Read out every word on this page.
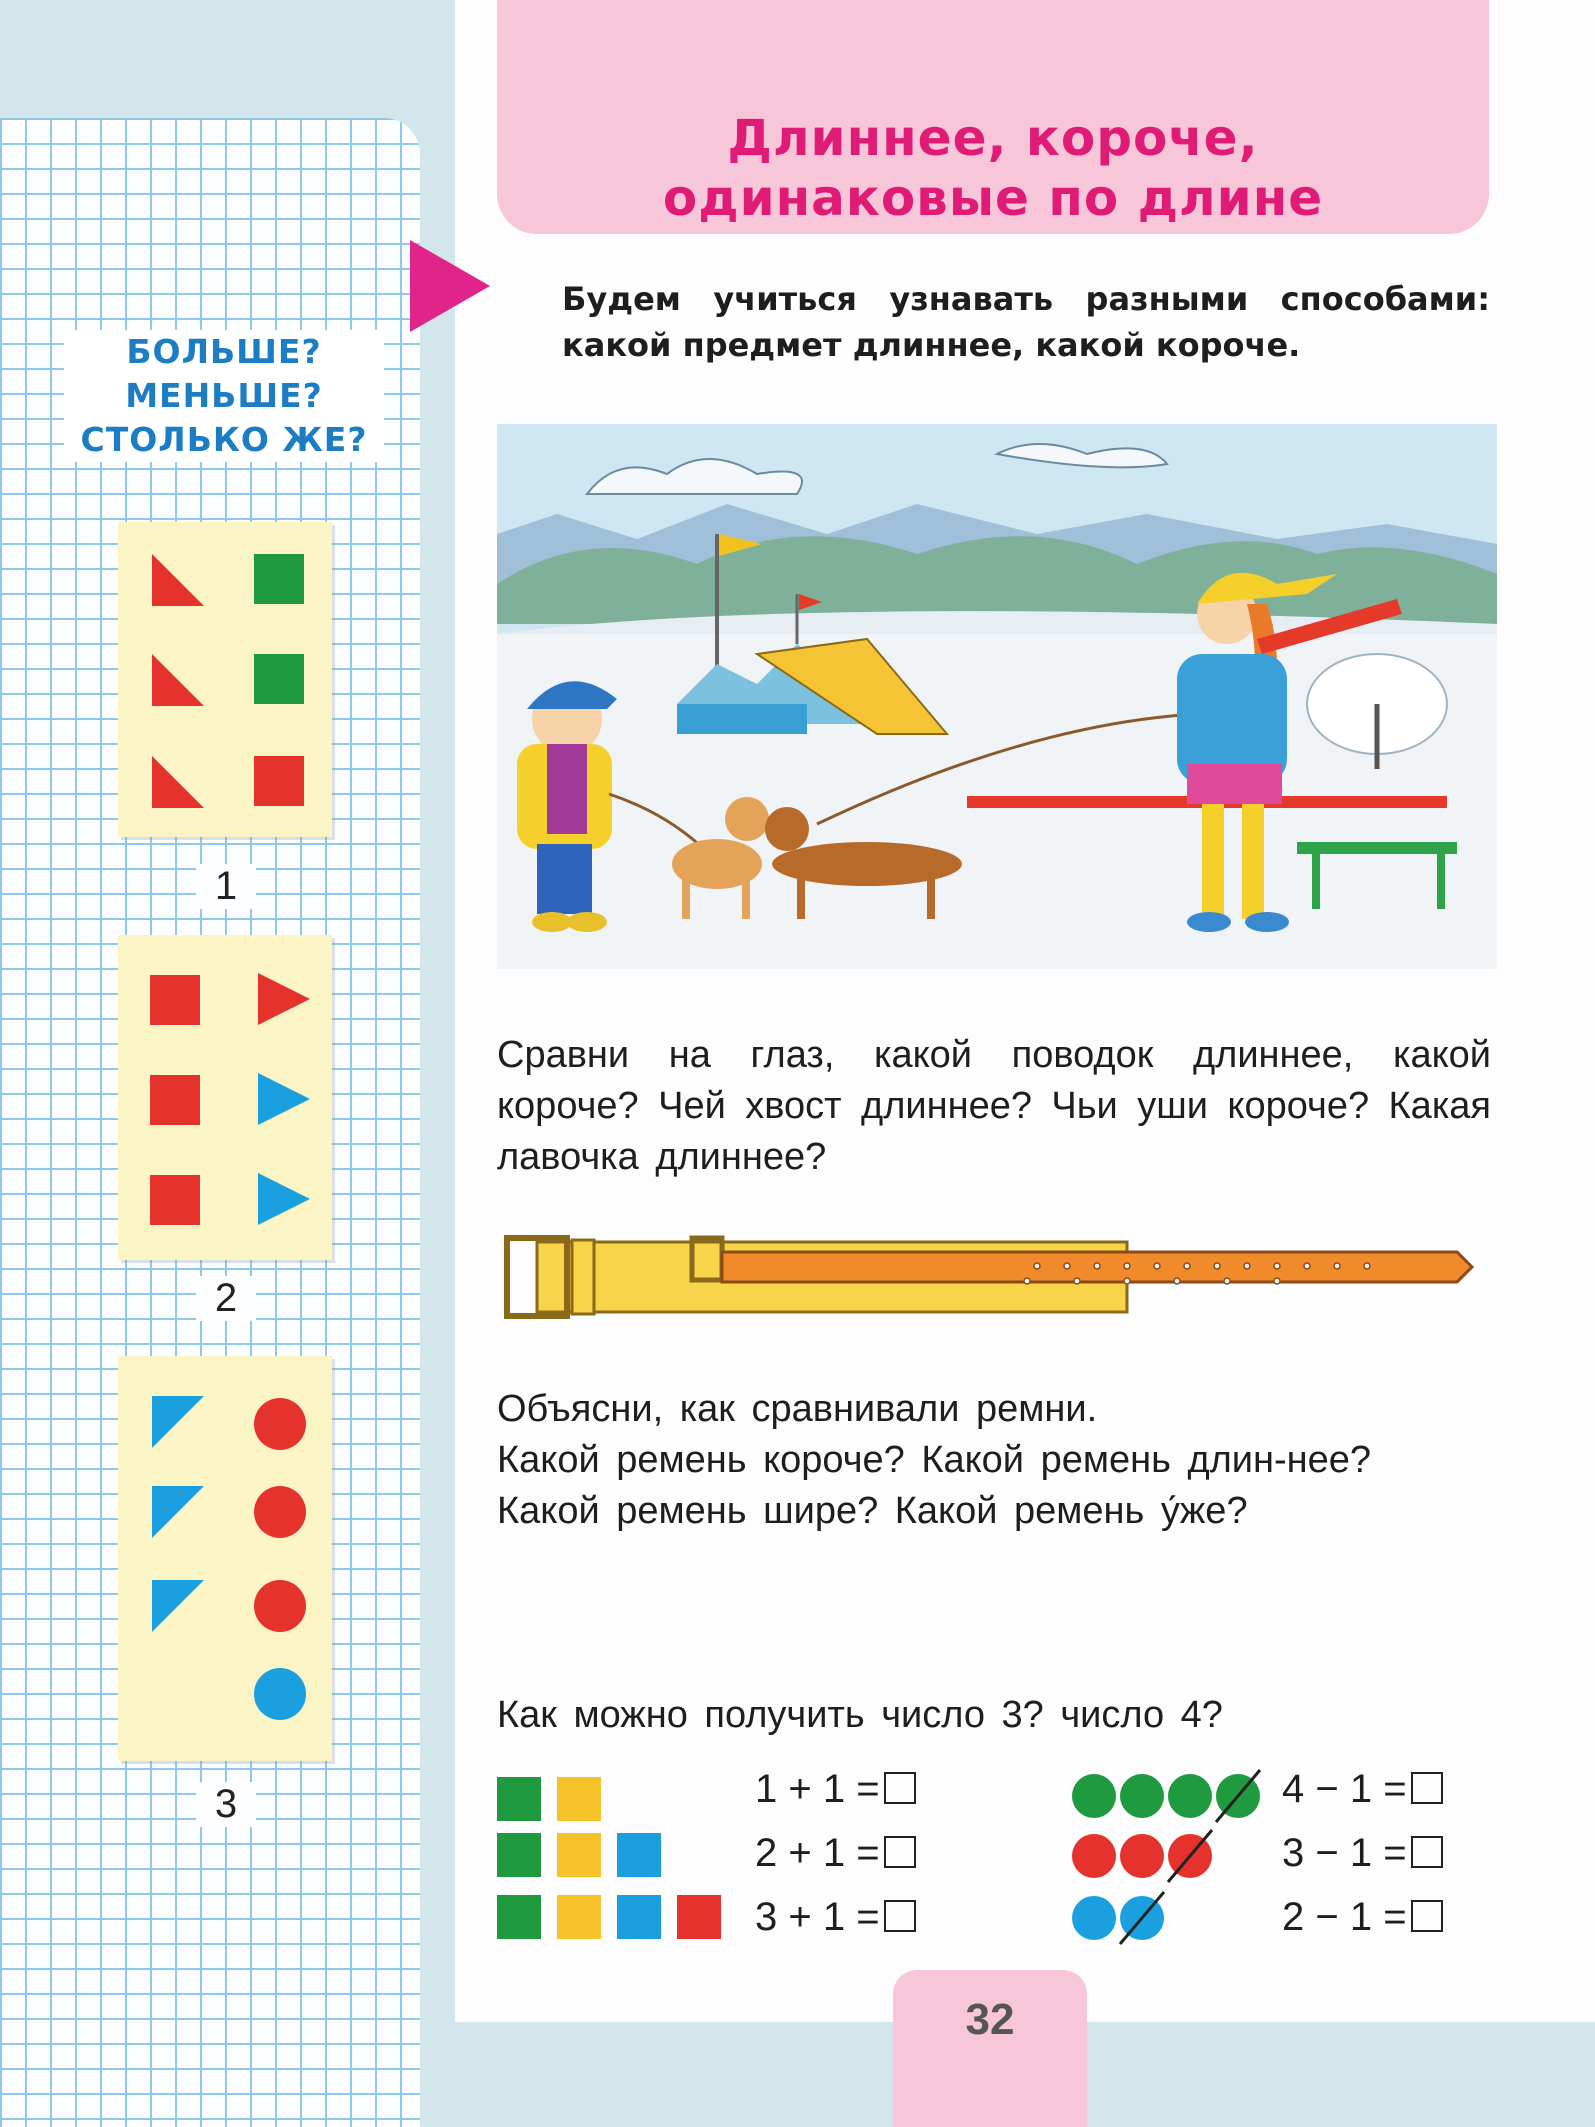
БОЛЬШЕ?
МЕНЬШЕ?
СТОЛЬКО ЖЕ?
1
2
3
Длиннее, короче,
одинаковые по длине
Будем учиться узнавать разными способами: какой предмет длиннее, какой короче.
Сравни на глаз, какой поводок длиннее, какой короче? Чей хвост длиннее? Чьи уши короче? Какая лавочка длиннее?
Объясни, как сравнивали ремни.
Какой ремень короче? Какой ремень длин-нее?
Какой ремень шире? Какой ремень у́же?
Как можно получить число 3? число 4?
1 + 1 =
2 + 1 =
3 + 1 =
4 − 1 =
3 − 1 =
2 − 1 =
32
